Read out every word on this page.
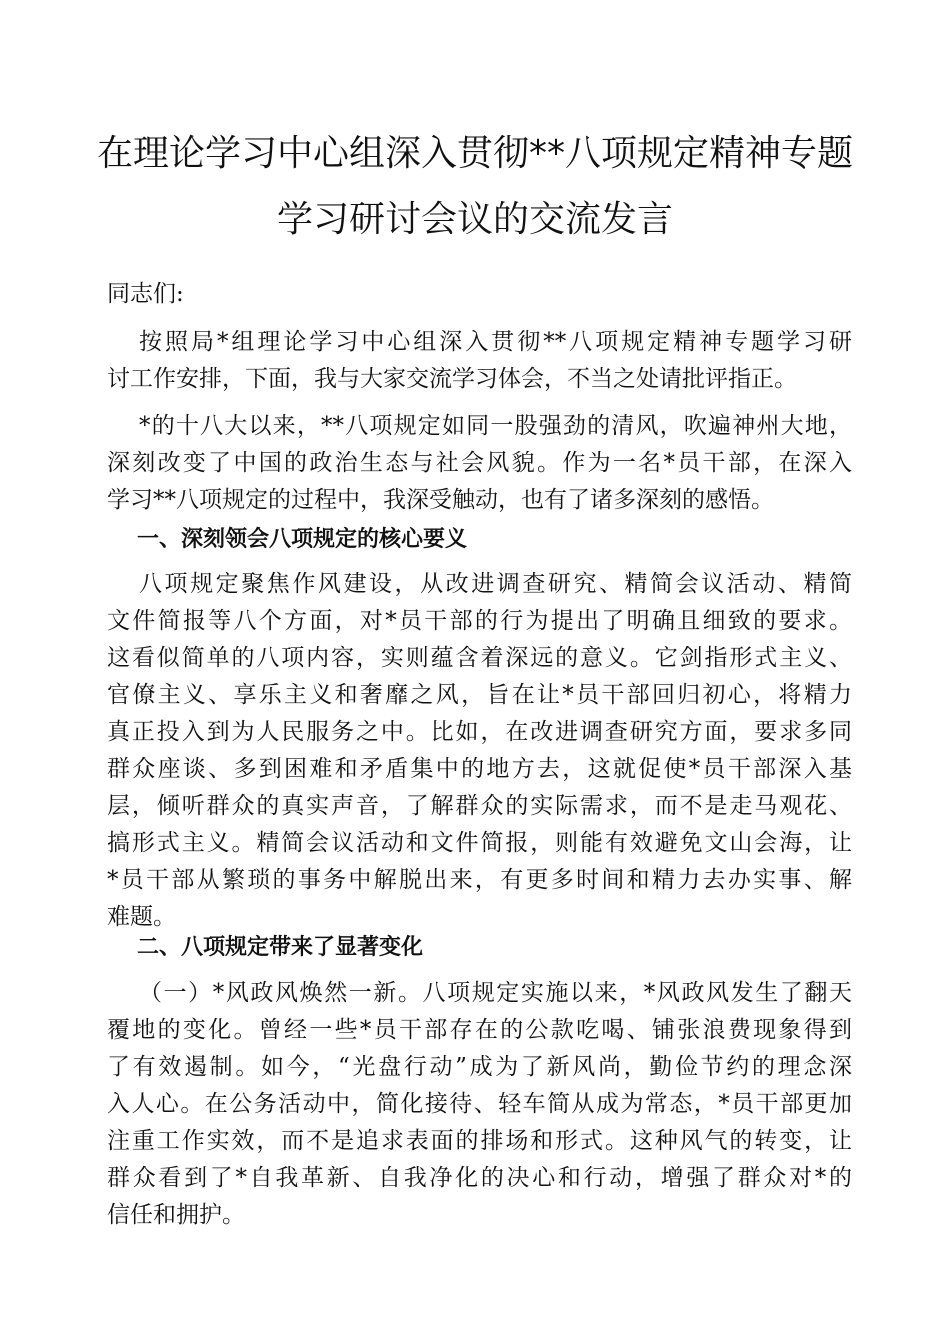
在理论学习中心组深入贯彻**八项规定精神专题
学习研讨会议的交流发言
同志们:
按照局*组理论学习中心组深入贯彻**八项规定精神专题学习研
讨工作安排，下面，我与大家交流学习体会，不当之处请批评指正。
*的十八大以来，**八项规定如同一股强劲的清风，吹遍神州大地，
深刻改变了中国的政治生态与社会风貌。作为一名*员干部，在深入
学习**八项规定的过程中，我深受触动，也有了诸多深刻的感悟。
一、深刻领会八项规定的核心要义
八项规定聚焦作风建设，从改进调查研究、精简会议活动、精简
文件简报等八个方面，对*员干部的行为提出了明确且细致的要求。
这看似简单的八项内容，实则蕴含着深远的意义。它剑指形式主义、
官僚主义、享乐主义和奢靡之风，旨在让*员干部回归初心，将精力
真正投入到为人民服务之中。比如，在改进调查研究方面，要求多同
群众座谈、多到困难和矛盾集中的地方去，这就促使*员干部深入基
层，倾听群众的真实声音，了解群众的实际需求，而不是走马观花、
搞形式主义。精简会议活动和文件简报，则能有效避免文山会海，让
*员干部从繁琐的事务中解脱出来，有更多时间和精力去办实事、解
难题。
二、八项规定带来了显著变化
（一）*风政风焕然一新。八项规定实施以来，*风政风发生了翻天
覆地的变化。曾经一些*员干部存在的公款吃喝、铺张浪费现象得到
了有效遏制。如今，“光盘行动”成为了新风尚，勤俭节约的理念深
入人心。在公务活动中，简化接待、轻车简从成为常态，*员干部更加
注重工作实效，而不是追求表面的排场和形式。这种风气的转变，让
群众看到了*自我革新、自我净化的决心和行动，增强了群众对*的
信任和拥护。
